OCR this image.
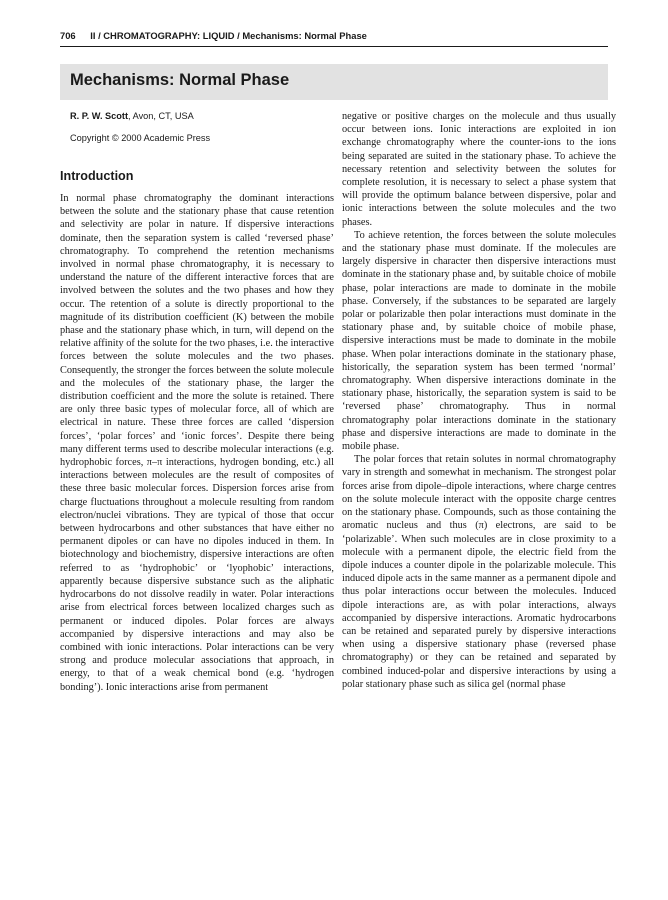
706 II / CHROMATOGRAPHY: LIQUID / Mechanisms: Normal Phase
Mechanisms: Normal Phase

R. P. W. Scott, Avon, CT, USA

Copyright © 2000 Academic Press

Introduction

In normal phase chromatography the dominant interactions between the solute and the stationary phase that cause retention and selectivity are polar in nature. If dispersive interactions dominate, then the separation system is called ‘reversed phase’ chromatography. To comprehend the retention mechanisms involved in normal phase chromatography, it is necessary to understand the nature of the different interactive forces that are involved between the solutes and the two phases and how they occur. The retention of a solute is directly proportional to the magnitude of its distribution coefficient (K) between the mobile phase and the stationary phase which, in turn, will depend on the relative affinity of the solute for the two phases, i.e. the interactive forces between the solute molecules and the two phases. Consequently, the stronger the forces between the solute molecule and the molecules of the stationary phase, the larger the distribution coefficient and the more the solute is retained. There are only three basic types of molecular force, all of which are electrical in nature. These three forces are called ‘dispersion forces’, ‘polar forces’ and ‘ionic forces’. Despite there being many different terms used to describe molecular interactions (e.g. hydrophobic forces, π–π interactions, hydrogen bonding, etc.) all interactions between molecules are the result of composites of these three basic molecular forces. Dispersion forces arise from charge fluctuations throughout a molecule resulting from random electron/nuclei vibrations. They are typical of those that occur between hydrocarbons and other substances that have either no permanent dipoles or can have no dipoles induced in them. In biotechnology and biochemistry, dispersive interactions are often referred to as ‘hydrophobic’ or ‘lyophobic’ interactions, apparently because dispersive substance such as the aliphatic hydrocarbons do not dissolve readily in water. Polar interactions arise from electrical forces between localized charges such as permanent or induced dipoles. Polar forces are always accompanied by dispersive interactions and may also be combined with ionic interactions. Polar interactions can be very strong and produce molecular associations that approach, in energy, to that of a weak chemical bond (e.g. ‘hydrogen bonding’). Ionic interactions arise from permanent

negative or positive charges on the molecule and thus usually occur between ions. Ionic interactions are exploited in ion exchange chromatography where the counter-ions to the ions being separated are suited in the stationary phase. To achieve the necessary retention and selectivity between the solutes for complete resolution, it is necessary to select a phase system that will provide the optimum balance between dispersive, polar and ionic interactions between the solute molecules and the two phases.

To achieve retention, the forces between the solute molecules and the stationary phase must dominate. If the molecules are largely dispersive in character then dispersive interactions must dominate in the stationary phase and, by suitable choice of mobile phase, polar interactions are made to dominate in the mobile phase. Conversely, if the substances to be separated are largely polar or polarizable then polar interactions must dominate in the stationary phase and, by suitable choice of mobile phase, dispersive interactions must be made to dominate in the mobile phase. When polar interactions dominate in the stationary phase, historically, the separation system has been termed ‘normal’ chromatography. When dispersive interactions dominate in the stationary phase, historically, the separation system is said to be ‘reversed phase’ chromatography. Thus in normal chromatography polar interactions dominate in the stationary phase and dispersive interactions are made to dominate in the mobile phase.

The polar forces that retain solutes in normal chromatography vary in strength and somewhat in mechanism. The strongest polar forces arise from dipole–dipole interactions, where charge centres on the solute molecule interact with the opposite charge centres on the stationary phase. Compounds, such as those containing the aromatic nucleus and thus (π) electrons, are said to be ‘polarizable’. When such molecules are in close proximity to a molecule with a permanent dipole, the electric field from the dipole induces a counter dipole in the polarizable molecule. This induced dipole acts in the same manner as a permanent dipole and thus polar interactions occur between the molecules. Induced dipole interactions are, as with polar interactions, always accompanied by dispersive interactions. Aromatic hydrocarbons can be retained and separated purely by dispersive interactions when using a dispersive stationary phase (reversed phase chromatography) or they can be retained and separated by combined induced-polar and dispersive interactions by using a polar stationary phase such as silica gel (normal phase
